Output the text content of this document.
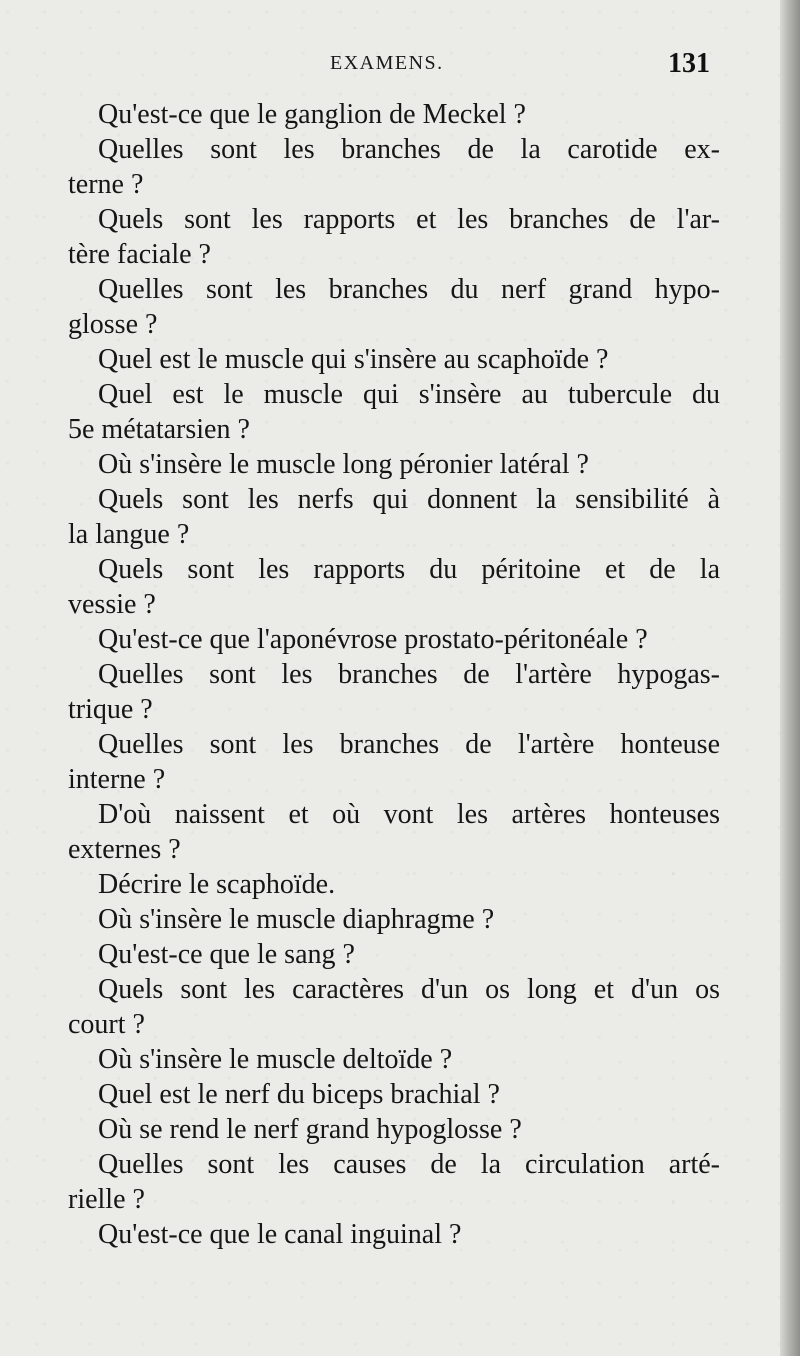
EXAMENS.	131
Qu'est-ce que le ganglion de Meckel ?
Quelles sont les branches de la carotide ex-
terne ?
Quels sont les rapports et les branches de l'ar-
tère faciale ?
Quelles sont les branches du nerf grand hypo-
glosse ?
Quel est le muscle qui s'insère au scaphoïde ?
Quel est le muscle qui s'insère au tubercule du
5e métatarsien ?
Où s'insère le muscle long péronier latéral ?
Quels sont les nerfs qui donnent la sensibilité à
la langue ?
Quels sont les rapports du péritoine et de la
vessie ?
Qu'est-ce que l'aponévrose prostato-péritonéale ?
Quelles sont les branches de l'artère hypogas-
trique ?
Quelles sont les branches de l'artère honteuse
interne ?
D'où naissent et où vont les artères honteuses
externes ?
Décrire le scaphoïde.
Où s'insère le muscle diaphragme ?
Qu'est-ce que le sang ?
Quels sont les caractères d'un os long et d'un os
court ?
Où s'insère le muscle deltoïde ?
Quel est le nerf du biceps brachial ?
Où se rend le nerf grand hypoglosse ?
Quelles sont les causes de la circulation arté-
rielle ?
Qu'est-ce que le canal inguinal ?
